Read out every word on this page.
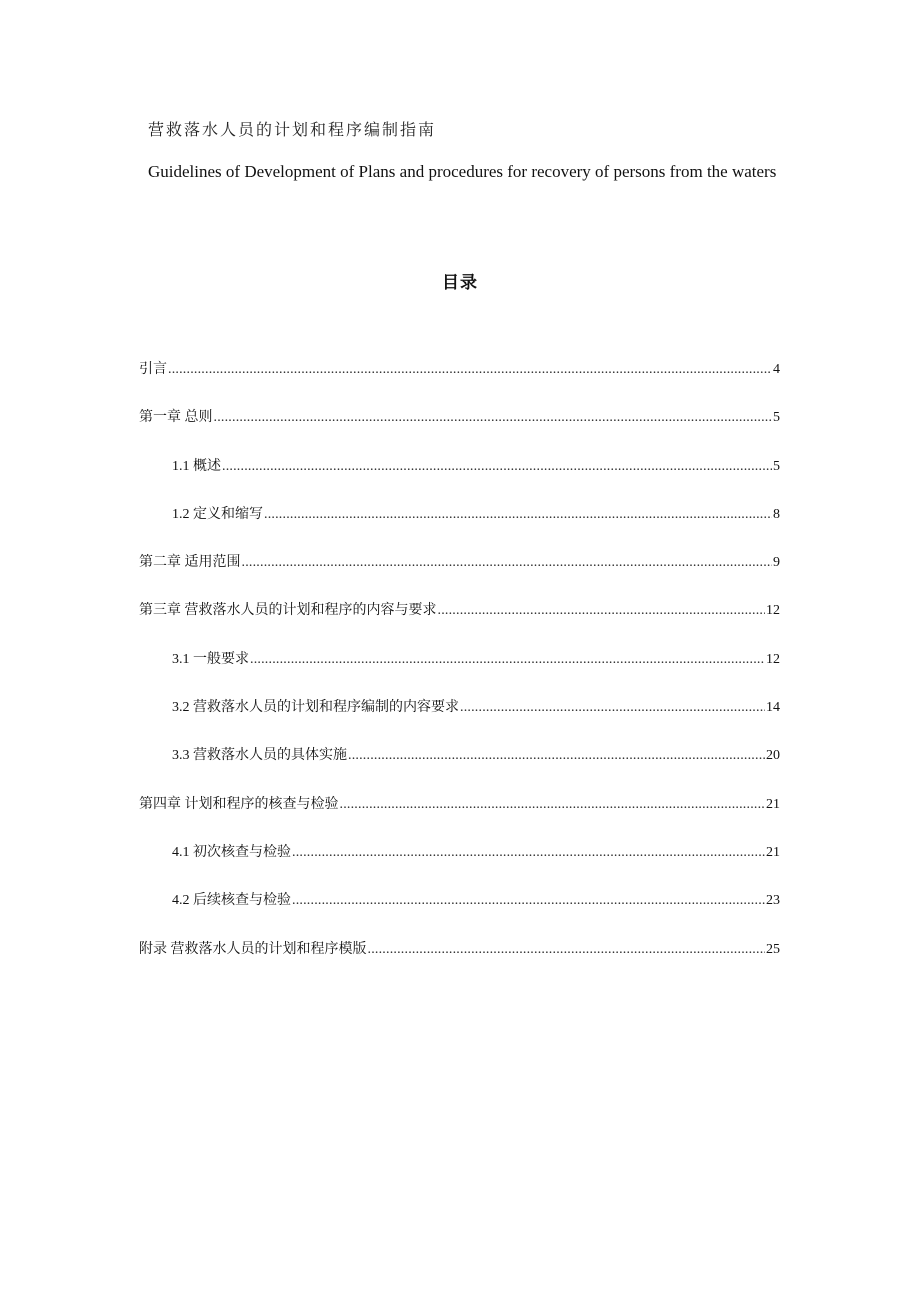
营救落水人员的计划和程序编制指南
Guidelines of Development of Plans and procedures for recovery of persons from the waters
目录
引言 .....	4
第一章 总则 .....	5
1.1 概述 .....	5
1.2 定义和缩写 .....	8
第二章 适用范围 .....	9
第三章 营救落水人员的计划和程序的内容与要求 .....	12
3.1 一般要求 .....	12
3.2 营救落水人员的计划和程序编制的内容要求 .....	14
3.3 营救落水人员的具体实施 .....	20
第四章 计划和程序的核查与检验 .....	21
4.1 初次核查与检验 .....	21
4.2 后续核查与检验 .....	23
附录 营救落水人员的计划和程序模版 .....	25
